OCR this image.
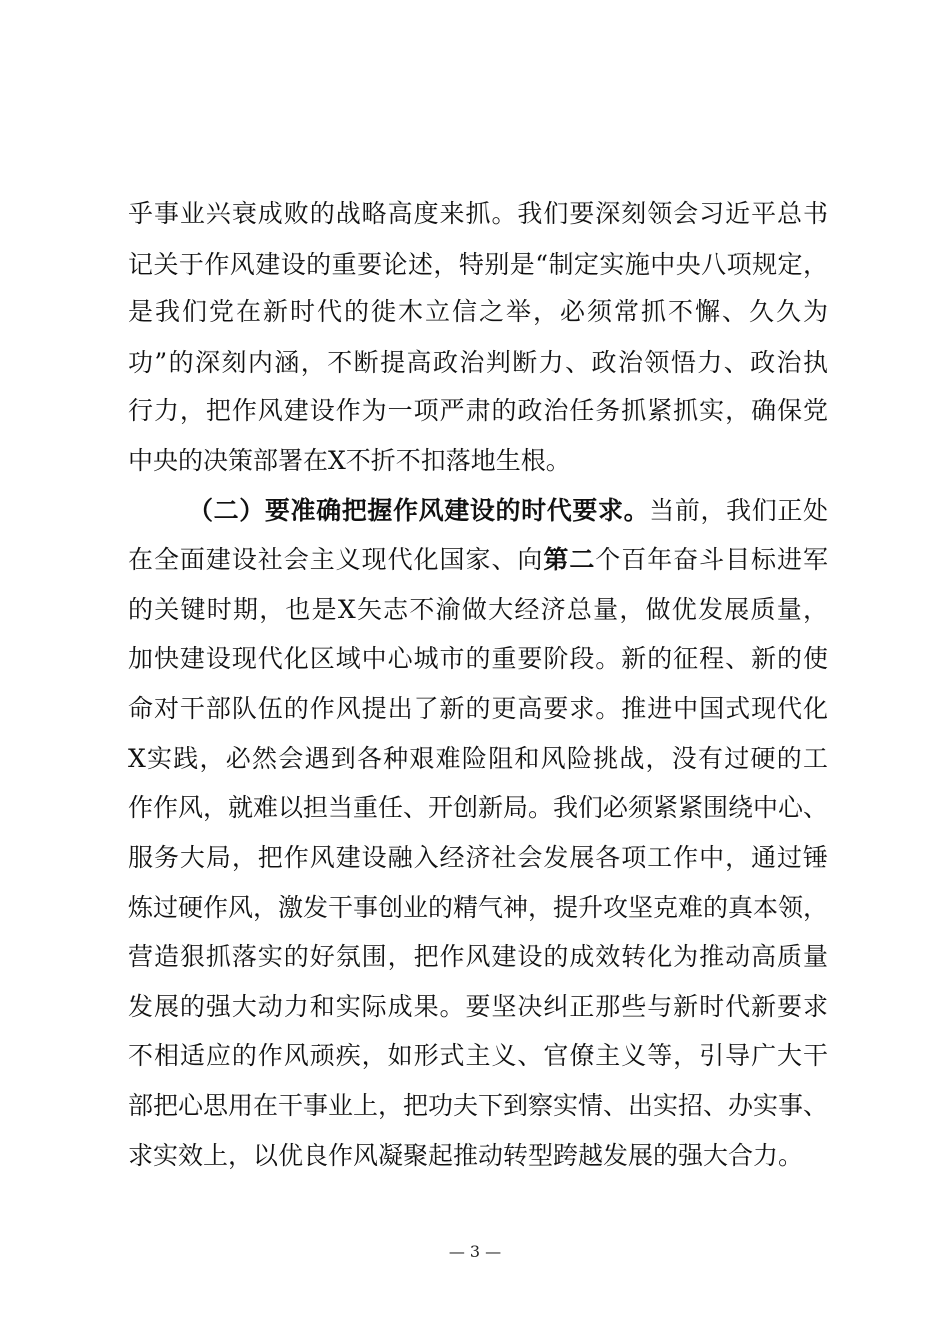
乎事业兴衰成败的战略高度来抓。我们要深刻领会习近平总书
记关于作风建设的重要论述，特别是“制定实施中央八项规定，
是我们党在新时代的徙木立信之举，必须常抓不懈、久久为
功”的深刻内涵，不断提高政治判断力、政治领悟力、政治执
行力，把作风建设作为一项严肃的政治任务抓紧抓实，确保党
中央的决策部署在Ⅹ不折不扣落地生根。
（二）要准确把握作风建设的时代要求。当前，我们正处
在全面建设社会主义现代化国家、向第二个百年奋斗目标进军
的关键时期，也是Ⅹ矢志不渝做大经济总量，做优发展质量，
加快建设现代化区域中心城市的重要阶段。新的征程、新的使
命对干部队伍的作风提出了新的更高要求。推进中国式现代化
Ⅹ实践，必然会遇到各种艰难险阻和风险挑战，没有过硬的工
作作风，就难以担当重任、开创新局。我们必须紧紧围绕中心、
服务大局，把作风建设融入经济社会发展各项工作中，通过锤
炼过硬作风，激发干事创业的精气神，提升攻坚克难的真本领，
营造狠抓落实的好氛围，把作风建设的成效转化为推动高质量
发展的强大动力和实际成果。要坚决纠正那些与新时代新要求
不相适应的作风顽疾，如形式主义、官僚主义等，引导广大干
部把心思用在干事业上，把功夫下到察实情、出实招、办实事、
求实效上，以优良作风凝聚起推动转型跨越发展的强大合力。
— 3 —
